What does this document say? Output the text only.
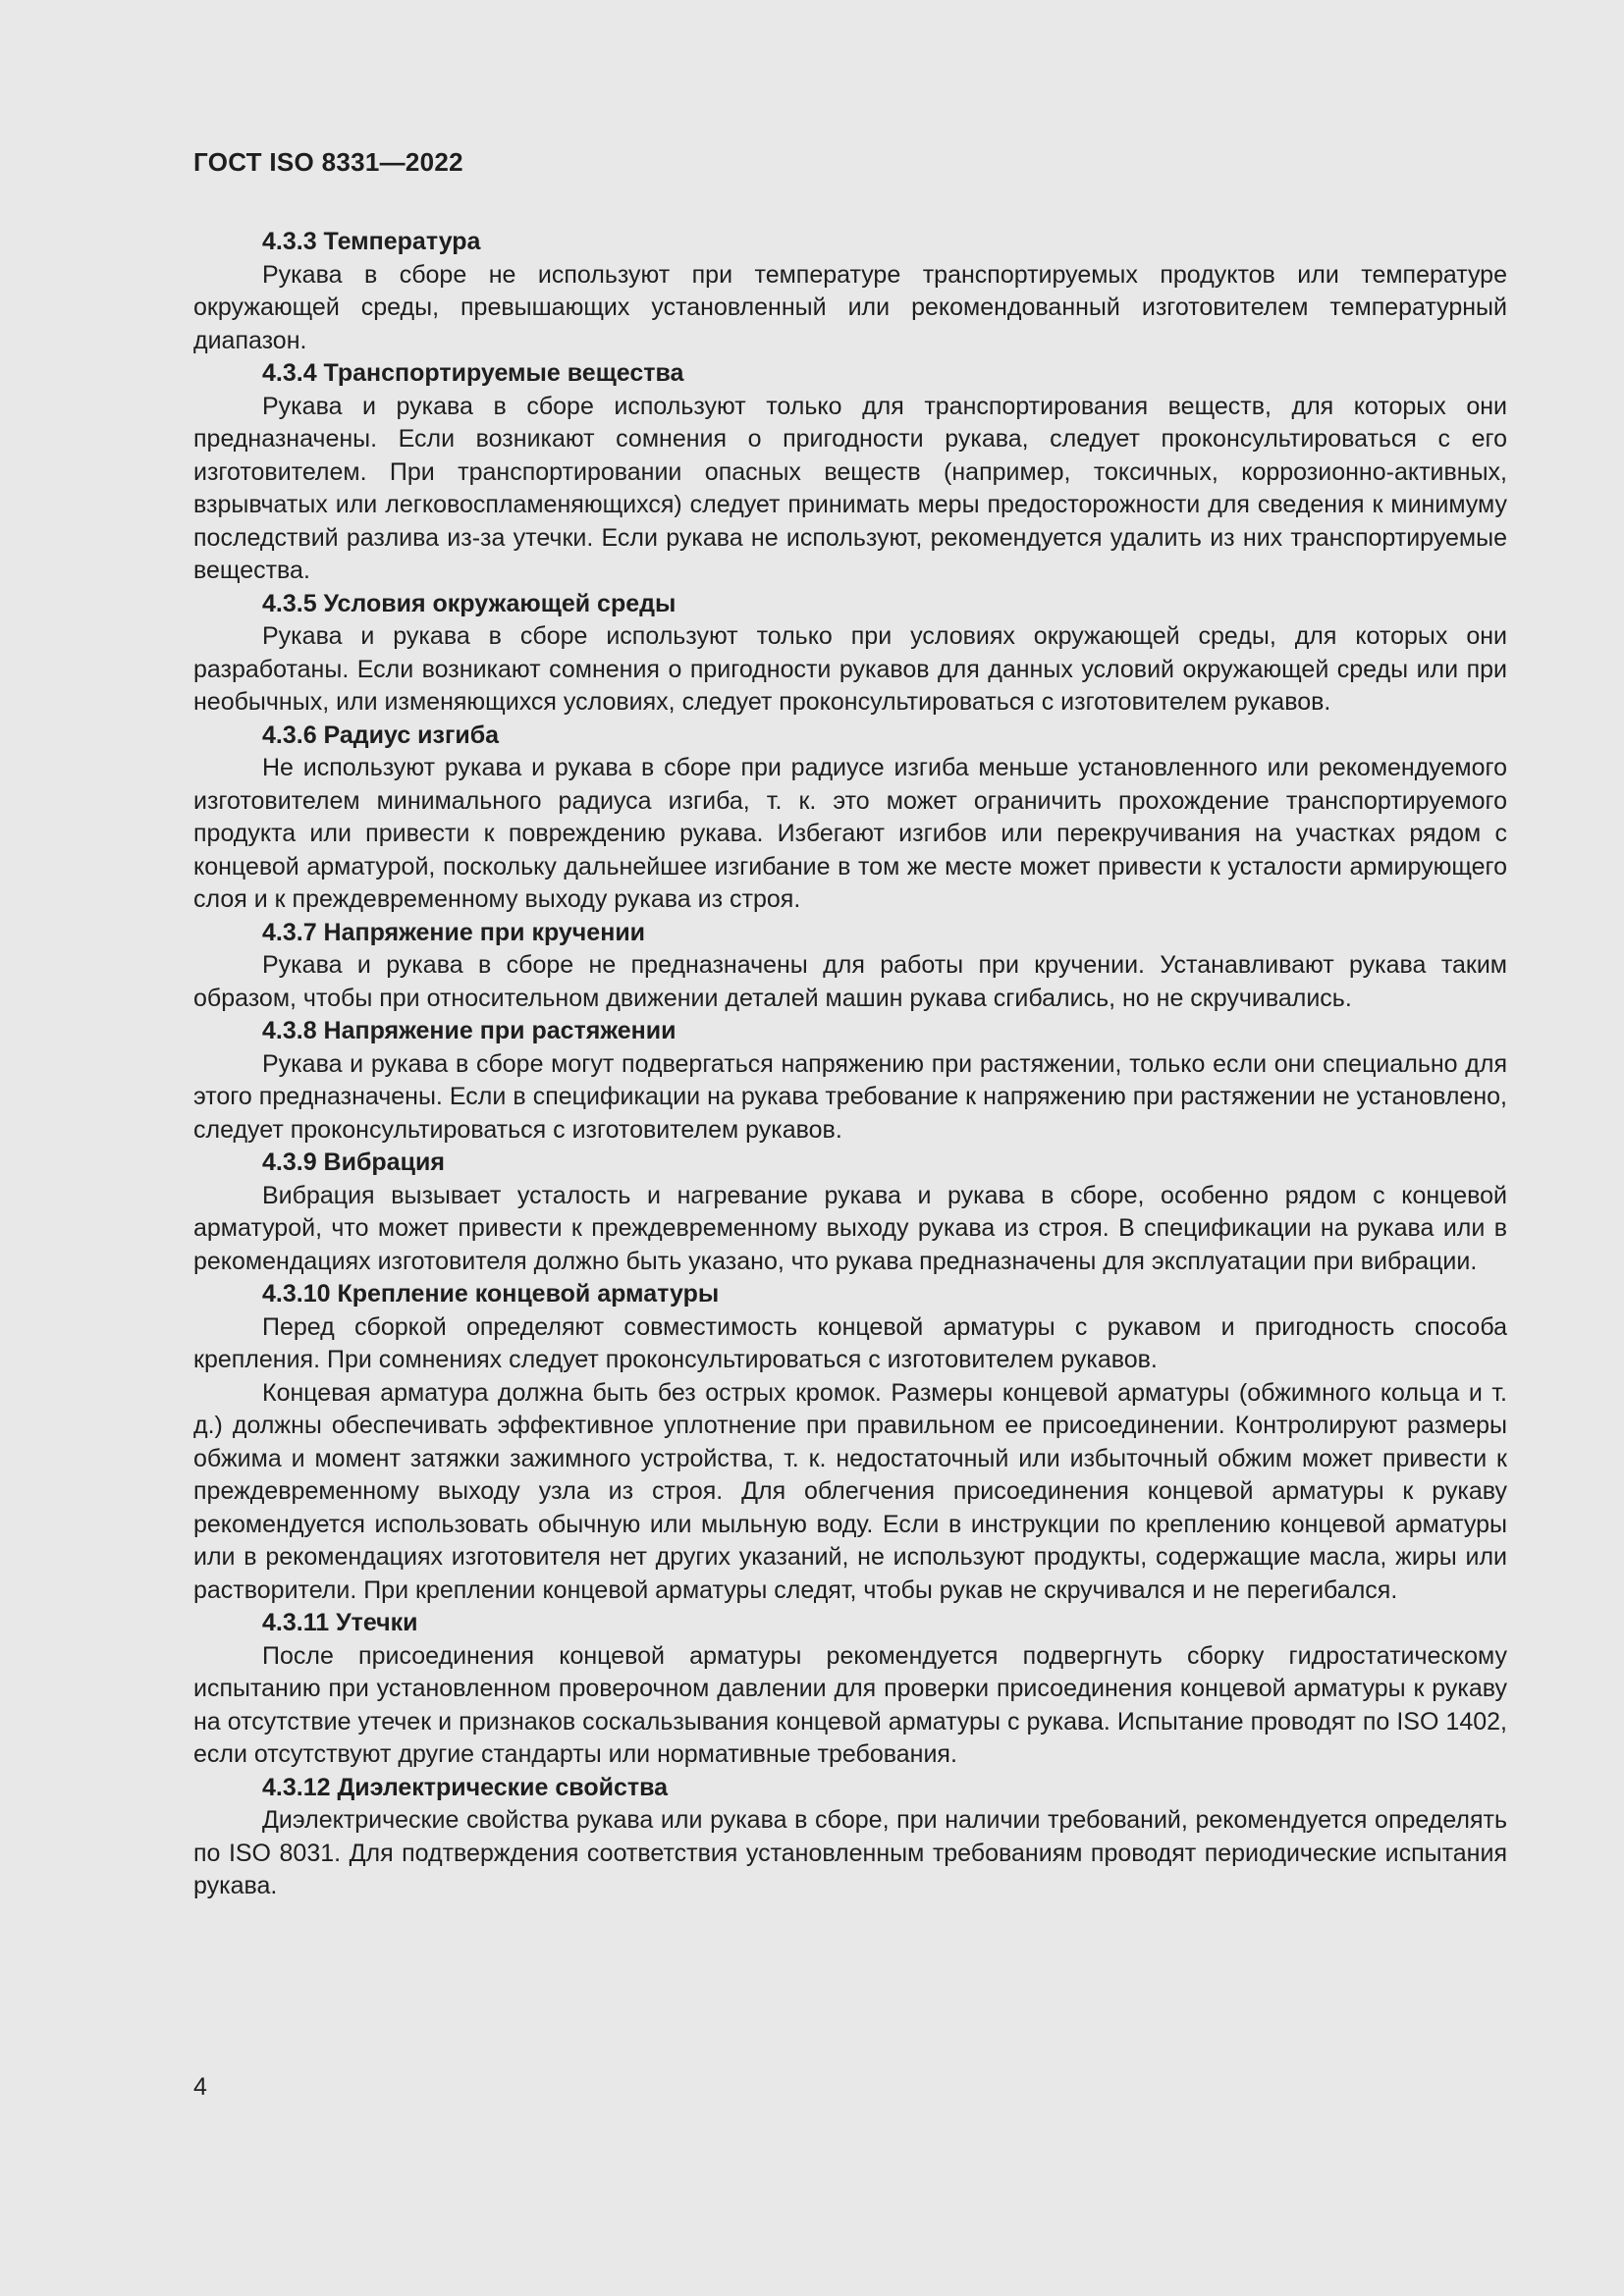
ГОСТ ISO 8331—2022
4.3.3 Температура

Рукава в сборе не используют при температуре транспортируемых продуктов или температуре окружающей среды, превышающих установленный или рекомендованный изготовителем температурный диапазон.

4.3.4 Транспортируемые вещества

Рукава и рукава в сборе используют только для транспортирования веществ, для которых они предназначены. Если возникают сомнения о пригодности рукава, следует проконсультироваться с его изготовителем. При транспортировании опасных веществ (например, токсичных, коррозионно-активных, взрывчатых или легковоспламеняющихся) следует принимать меры предосторожности для сведения к минимуму последствий разлива из-за утечки. Если рукава не используют, рекомендуется удалить из них транспортируемые вещества.

4.3.5 Условия окружающей среды

Рукава и рукава в сборе используют только при условиях окружающей среды, для которых они разработаны. Если возникают сомнения о пригодности рукавов для данных условий окружающей среды или при необычных, или изменяющихся условиях, следует проконсультироваться с изготовителем рукавов.

4.3.6 Радиус изгиба

Не используют рукава и рукава в сборе при радиусе изгиба меньше установленного или рекомендуемого изготовителем минимального радиуса изгиба, т. к. это может ограничить прохождение транспортируемого продукта или привести к повреждению рукава. Избегают изгибов или перекручивания на участках рядом с концевой арматурой, поскольку дальнейшее изгибание в том же месте может привести к усталости армирующего слоя и к преждевременному выходу рукава из строя.

4.3.7 Напряжение при кручении

Рукава и рукава в сборе не предназначены для работы при кручении. Устанавливают рукава таким образом, чтобы при относительном движении деталей машин рукава сгибались, но не скручивались.

4.3.8 Напряжение при растяжении

Рукава и рукава в сборе могут подвергаться напряжению при растяжении, только если они специально для этого предназначены. Если в спецификации на рукава требование к напряжению при растяжении не установлено, следует проконсультироваться с изготовителем рукавов.

4.3.9 Вибрация

Вибрация вызывает усталость и нагревание рукава и рукава в сборе, особенно рядом с концевой арматурой, что может привести к преждевременному выходу рукава из строя. В спецификации на рукава или в рекомендациях изготовителя должно быть указано, что рукава предназначены для эксплуатации при вибрации.

4.3.10 Крепление концевой арматуры

Перед сборкой определяют совместимость концевой арматуры с рукавом и пригодность способа крепления. При сомнениях следует проконсультироваться с изготовителем рукавов.

Концевая арматура должна быть без острых кромок. Размеры концевой арматуры (обжимного кольца и т. д.) должны обеспечивать эффективное уплотнение при правильном ее присоединении. Контролируют размеры обжима и момент затяжки зажимного устройства, т. к. недостаточный или избыточный обжим может привести к преждевременному выходу узла из строя. Для облегчения присоединения концевой арматуры к рукаву рекомендуется использовать обычную или мыльную воду. Если в инструкции по креплению концевой арматуры или в рекомендациях изготовителя нет других указаний, не используют продукты, содержащие масла, жиры или растворители. При креплении концевой арматуры следят, чтобы рукав не скручивался и не перегибался.

4.3.11 Утечки

После присоединения концевой арматуры рекомендуется подвергнуть сборку гидростатическому испытанию при установленном проверочном давлении для проверки присоединения концевой арматуры к рукаву на отсутствие утечек и признаков соскальзывания концевой арматуры с рукава. Испытание проводят по ISO 1402, если отсутствуют другие стандарты или нормативные требования.

4.3.12 Диэлектрические свойства

Диэлектрические свойства рукава или рукава в сборе, при наличии требований, рекомендуется определять по ISO 8031. Для подтверждения соответствия установленным требованиям проводят периодические испытания рукава.

4
